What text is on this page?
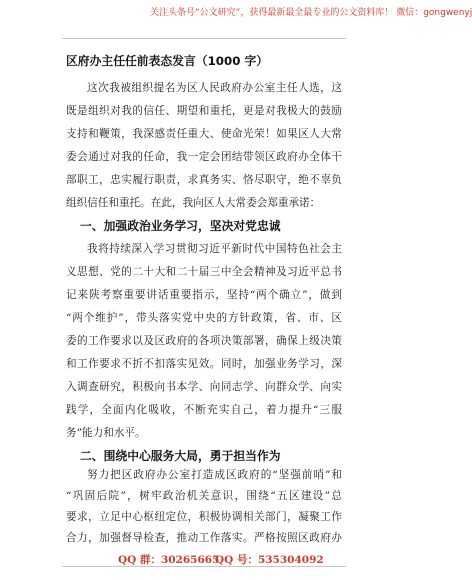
关注头条号“公文研究”，获得最新最全最专业的公文资料库！ 微信：gongwenyj
区府办主任任前表态发言（1000 字）
这次我被组织提名为区人民政府办公室主任人选，这
既是组织对我的信任、期望和重托，更是对我极大的鼓励
支持和鞭策，我深感责任重大、使命光荣！如果区人大常
委会通过对我的任命，我一定会团结带领区政府办全体干
部职工，忠实履行职责，求真务实、恪尽职守，绝不辜负
组织信任和重托。在此，我向区人大常委会郑重承诺：
一、加强政治业务学习，坚决对党忠诚
我将持续深入学习贯彻习近平新时代中国特色社会主
义思想、党的二十大和二十届三中全会精神及习近平总书
记来陕考察重要讲话重要指示，坚持“两个确立”，做到
“两个维护”，带头落实党中央的方针政策，省、市、区
委的工作要求以及区政府的各项决策部署，确保上级决策
和工作要求不折不扣落实见效。同时，加强业务学习，深
入调查研究，积极向书本学、向同志学、向群众学、向实
践学，全面内化吸收，不断充实自己，着力提升“三服
务”能力和水平。
二、围绕中心服务大局，勇于担当作为
努力把区政府办公室打造成区政府的“坚强前哨”和
“巩固后院”，树牢政治机关意识，围绕“五区建设”总
要求，立足中心枢纽定位，积极协调相关部门，凝聚工作
QQ 群：30265665
QQ 号：535304092
合力，加强督导检查，推动工作落实。严格按照区政府办
